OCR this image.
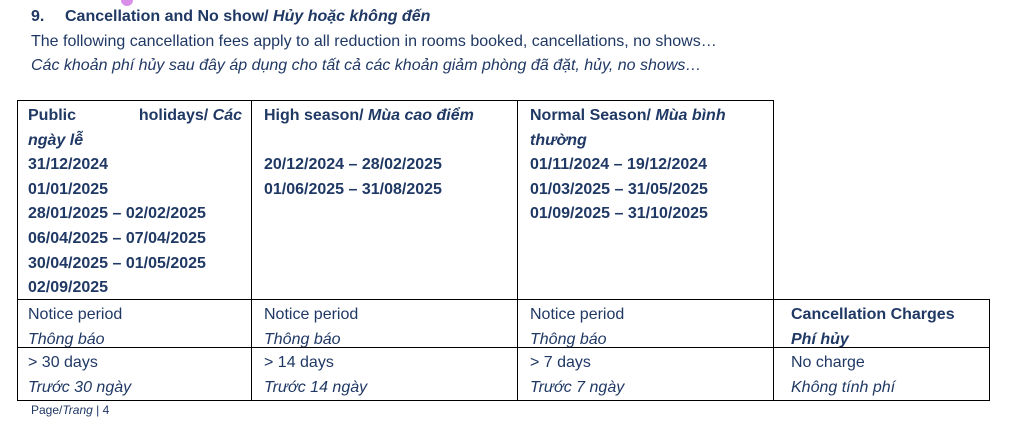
9. Cancellation and No show/ Hủy hoặc không đến
The following cancellation fees apply to all reduction in rooms booked, cancellations, no shows…
Các khoản phí hủy sau đây áp dụng cho tất cả các khoản giảm phòng đã đặt, hủy, no shows…
Public	holidays/ Các
ngày lễ
31/12/2024
01/01/2025
28/01/2025 – 02/02/2025
06/04/2025 – 07/04/2025
30/04/2025 – 01/05/2025
02/09/2025
High season/ Mùa cao điểm
20/12/2024 – 28/02/2025
01/06/2025 – 31/08/2025
Normal Season/ Mùa bình
thường
01/11/2024 – 19/12/2024
01/03/2025 – 31/05/2025
01/09/2025 – 31/10/2025
Notice period
Thông báo
Notice period
Thông báo
Notice period
Thông báo
Cancellation Charges
Phí hủy
> 30 days
Trước 30 ngày
> 14 days
Trước 14 ngày
> 7 days
Trước 7 ngày
No charge
Không tính phí
Page/Trang | 4
